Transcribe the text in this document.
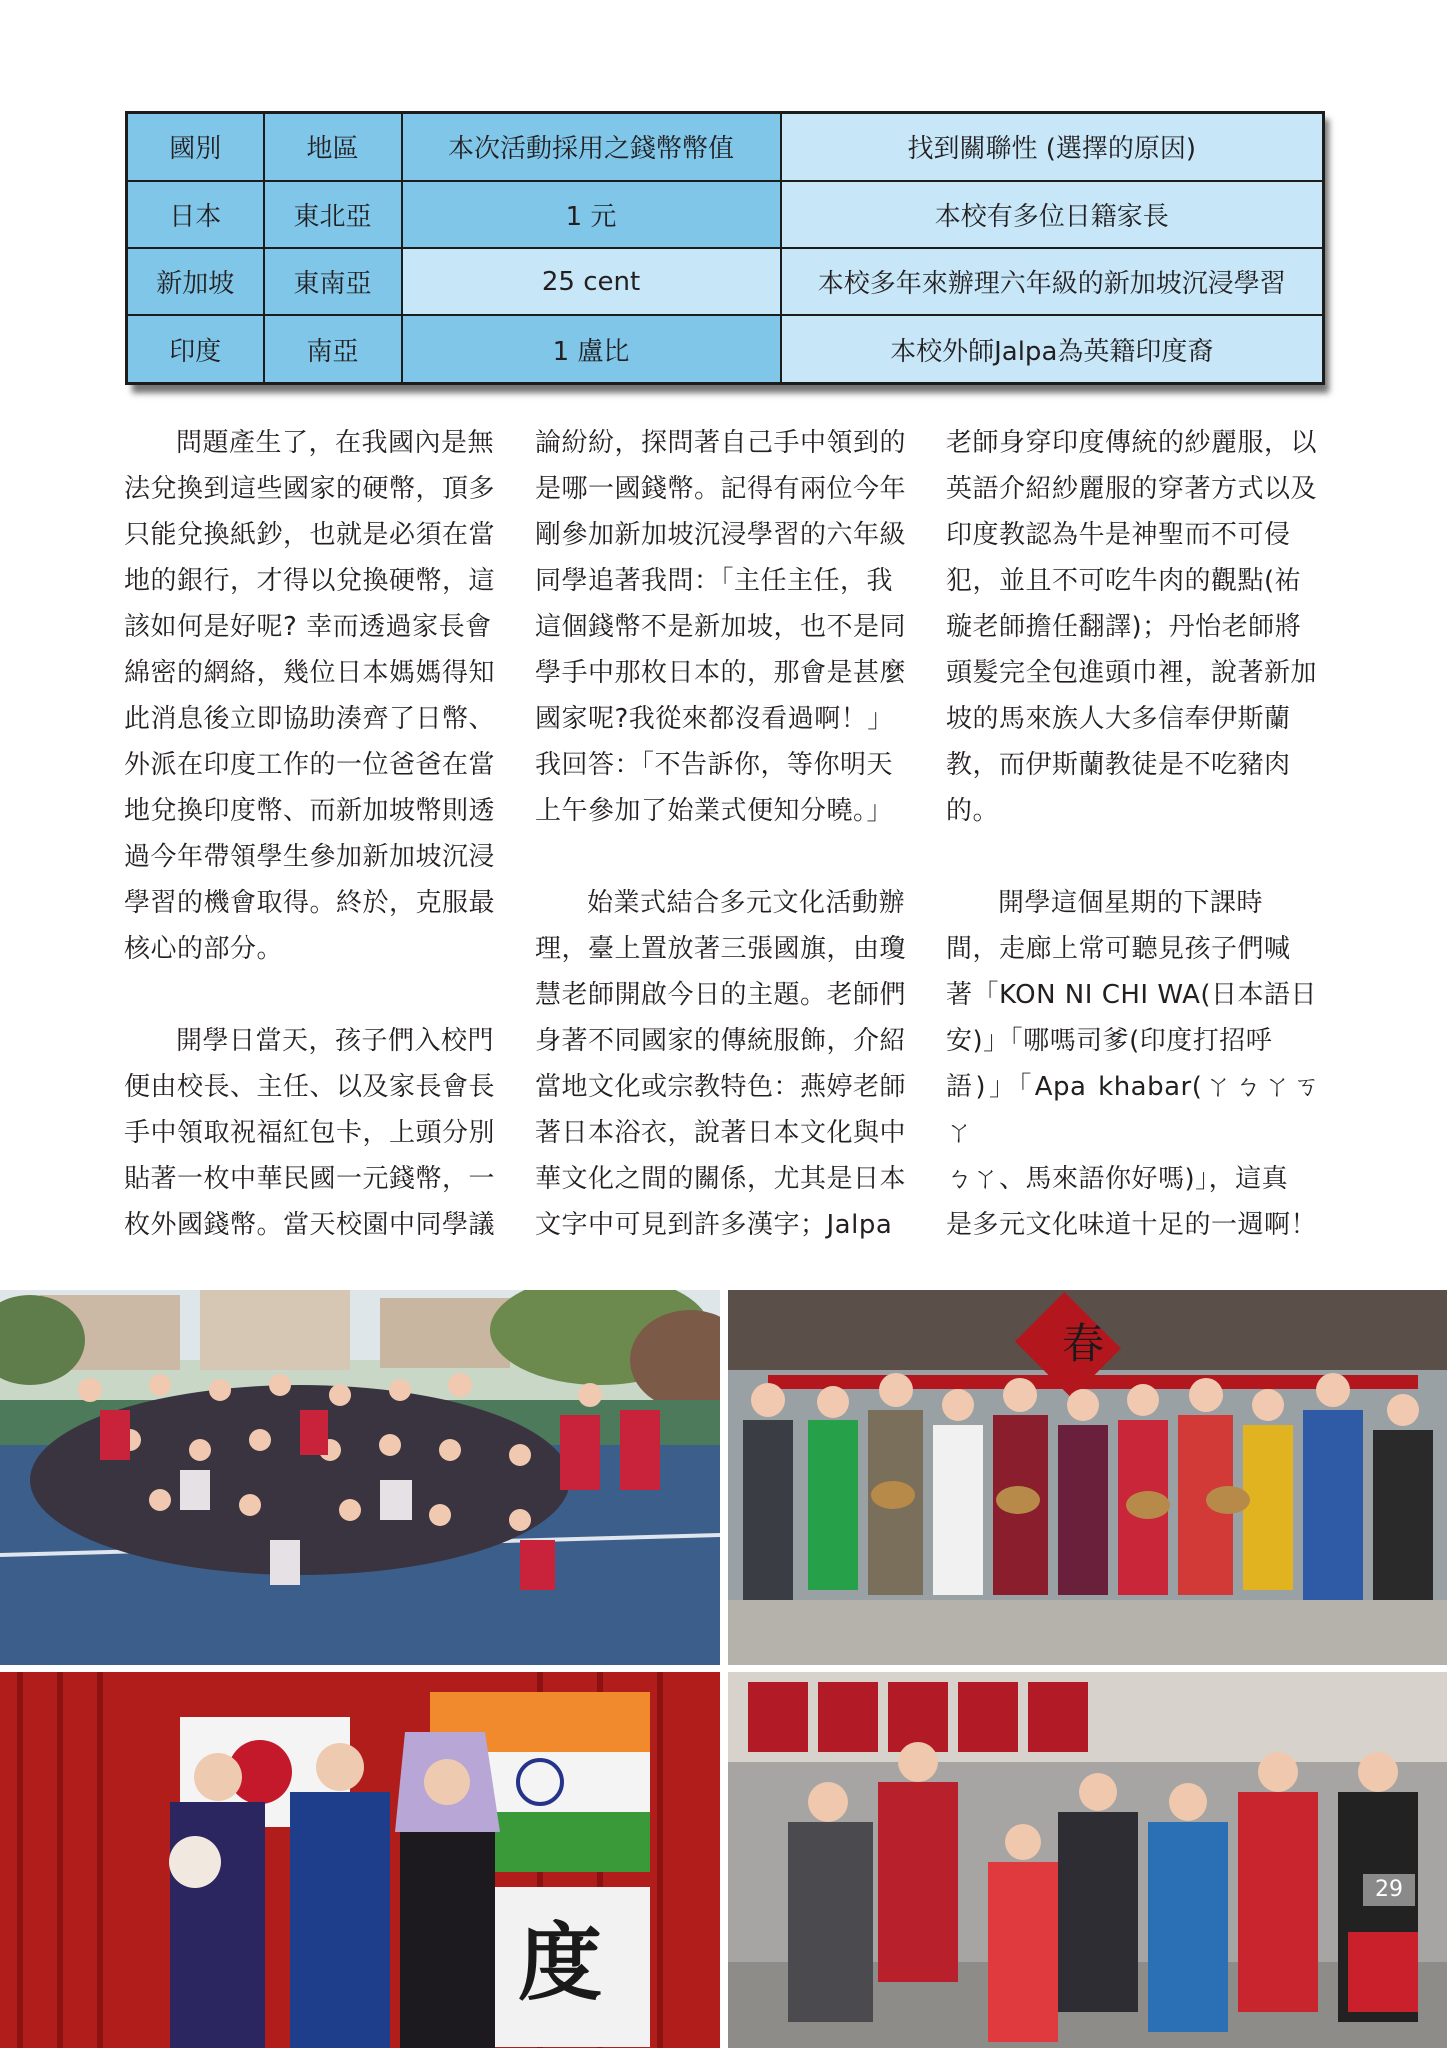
國別	地區	本次活動採用之錢幣幣值	找到關聯性 (選擇的原因)
日本	東北亞	1 元	本校有多位日籍家長
新加坡	東南亞	25 cent	本校多年來辦理六年級的新加坡沉浸學習
印度	南亞	1 盧比	本校外師Jalpa為英籍印度裔

問題產生了，在我國內是無
法兌換到這些國家的硬幣，頂多
只能兌換紙鈔，也就是必須在當
地的銀行，才得以兌換硬幣，這
該如何是好呢? 幸而透過家長會
綿密的網絡，幾位日本媽媽得知
此消息後立即協助湊齊了日幣、
外派在印度工作的一位爸爸在當
地兌換印度幣、而新加坡幣則透
過今年帶領學生參加新加坡沉浸
學習的機會取得。終於，克服最
核心的部分。

開學日當天，孩子們入校門
便由校長、主任、以及家長會長
手中領取祝福紅包卡，上頭分別
貼著一枚中華民國一元錢幣，一
枚外國錢幣。當天校園中同學議

論紛紛，探問著自己手中領到的
是哪一國錢幣。記得有兩位今年
剛參加新加坡沉浸學習的六年級
同學追著我問：「主任主任，我
這個錢幣不是新加坡，也不是同
學手中那枚日本的，那會是甚麼
國家呢?我從來都沒看過啊！」
我回答：「不告訴你，等你明天
上午參加了始業式便知分曉。」

始業式結合多元文化活動辦
理，臺上置放著三張國旗，由瓊
慧老師開啟今日的主題。老師們
身著不同國家的傳統服飾，介紹
當地文化或宗教特色：燕婷老師
著日本浴衣，說著日本文化與中
華文化之間的關係，尤其是日本
文字中可見到許多漢字；Jalpa

老師身穿印度傳統的紗麗服，以
英語介紹紗麗服的穿著方式以及
印度教認為牛是神聖而不可侵
犯，並且不可吃牛肉的觀點(祐
璇老師擔任翻譯)；丹怡老師將
頭髮完全包進頭巾裡，說著新加
坡的馬來族人大多信奉伊斯蘭
教，而伊斯蘭教徒是不吃豬肉
的。

開學這個星期的下課時
間，走廊上常可聽見孩子們喊
著「KON NI CHI WA(日本語日
安)」「哪嗎司爹(印度打招呼
語)」「Apa khabar(ㄚㄅㄚㄎㄚ
ㄅㄚ、馬來語你好嗎)」，這真
是多元文化味道十足的一週啊！

春
度
29
